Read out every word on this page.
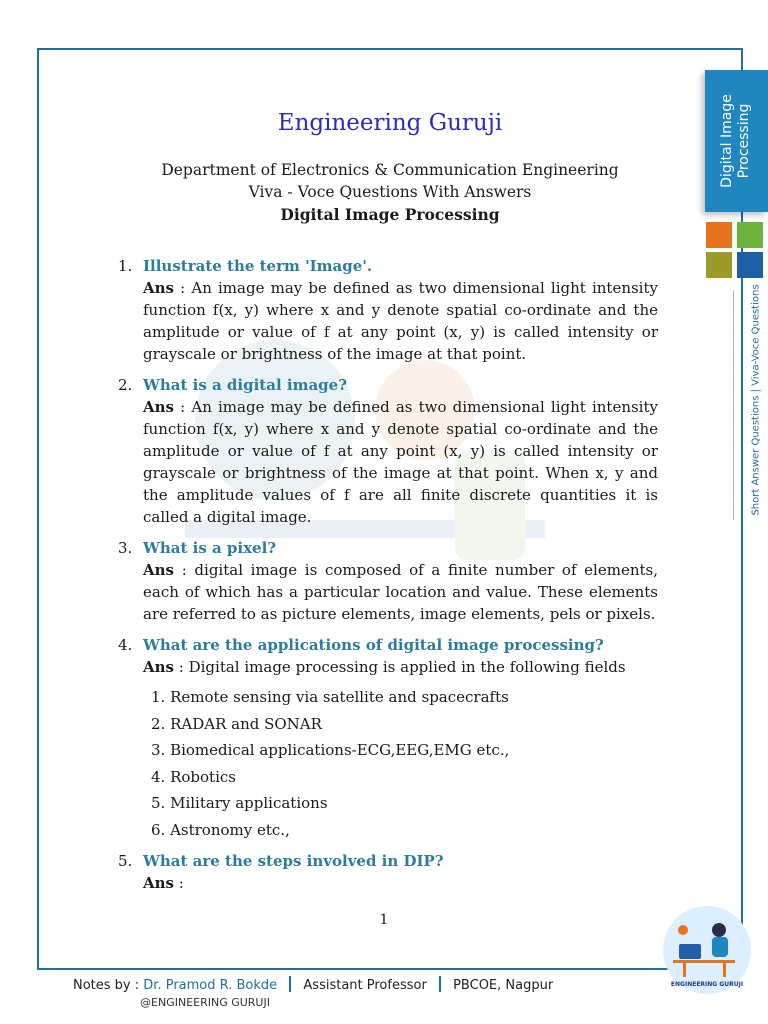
Digital Image Processing
Short Answer Questions | Viva-Voce Questions
Engineering Guruji
Department of Electronics & Communication Engineering
Viva - Voce Questions With Answers
Digital Image Processing
1. Illustrate the term 'Image'.
Ans : An image may be defined as two dimensional light intensity function f(x, y) where x and y denote spatial co-ordinate and the amplitude or value of f at any point (x, y) is called intensity or grayscale or brightness of the image at that point.
2. What is a digital image?
Ans : An image may be defined as two dimensional light intensity function f(x, y) where x and y denote spatial co-ordinate and the amplitude or value of f at any point (x, y) is called intensity or grayscale or brightness of the image at that point. When x, y and the amplitude values of f are all finite discrete quantities it is called a digital image.
3. What is a pixel?
Ans : digital image is composed of a finite number of elements, each of which has a particular location and value. These elements are referred to as picture elements, image elements, pels or pixels.
4. What are the applications of digital image processing?
Ans : Digital image processing is applied in the following fields
1. Remote sensing via satellite and spacecrafts
2. RADAR and SONAR
3. Biomedical applications-ECG,EEG,EMG etc.,
4. Robotics
5. Military applications
6. Astronomy etc.,
5. What are the steps involved in DIP?
Ans :
1
Notes by : Dr. Pramod R. Bokde Assistant Professor PBCOE, Nagpur
@ENGINEERING GURUJI
ENGINEERING GURUJI
